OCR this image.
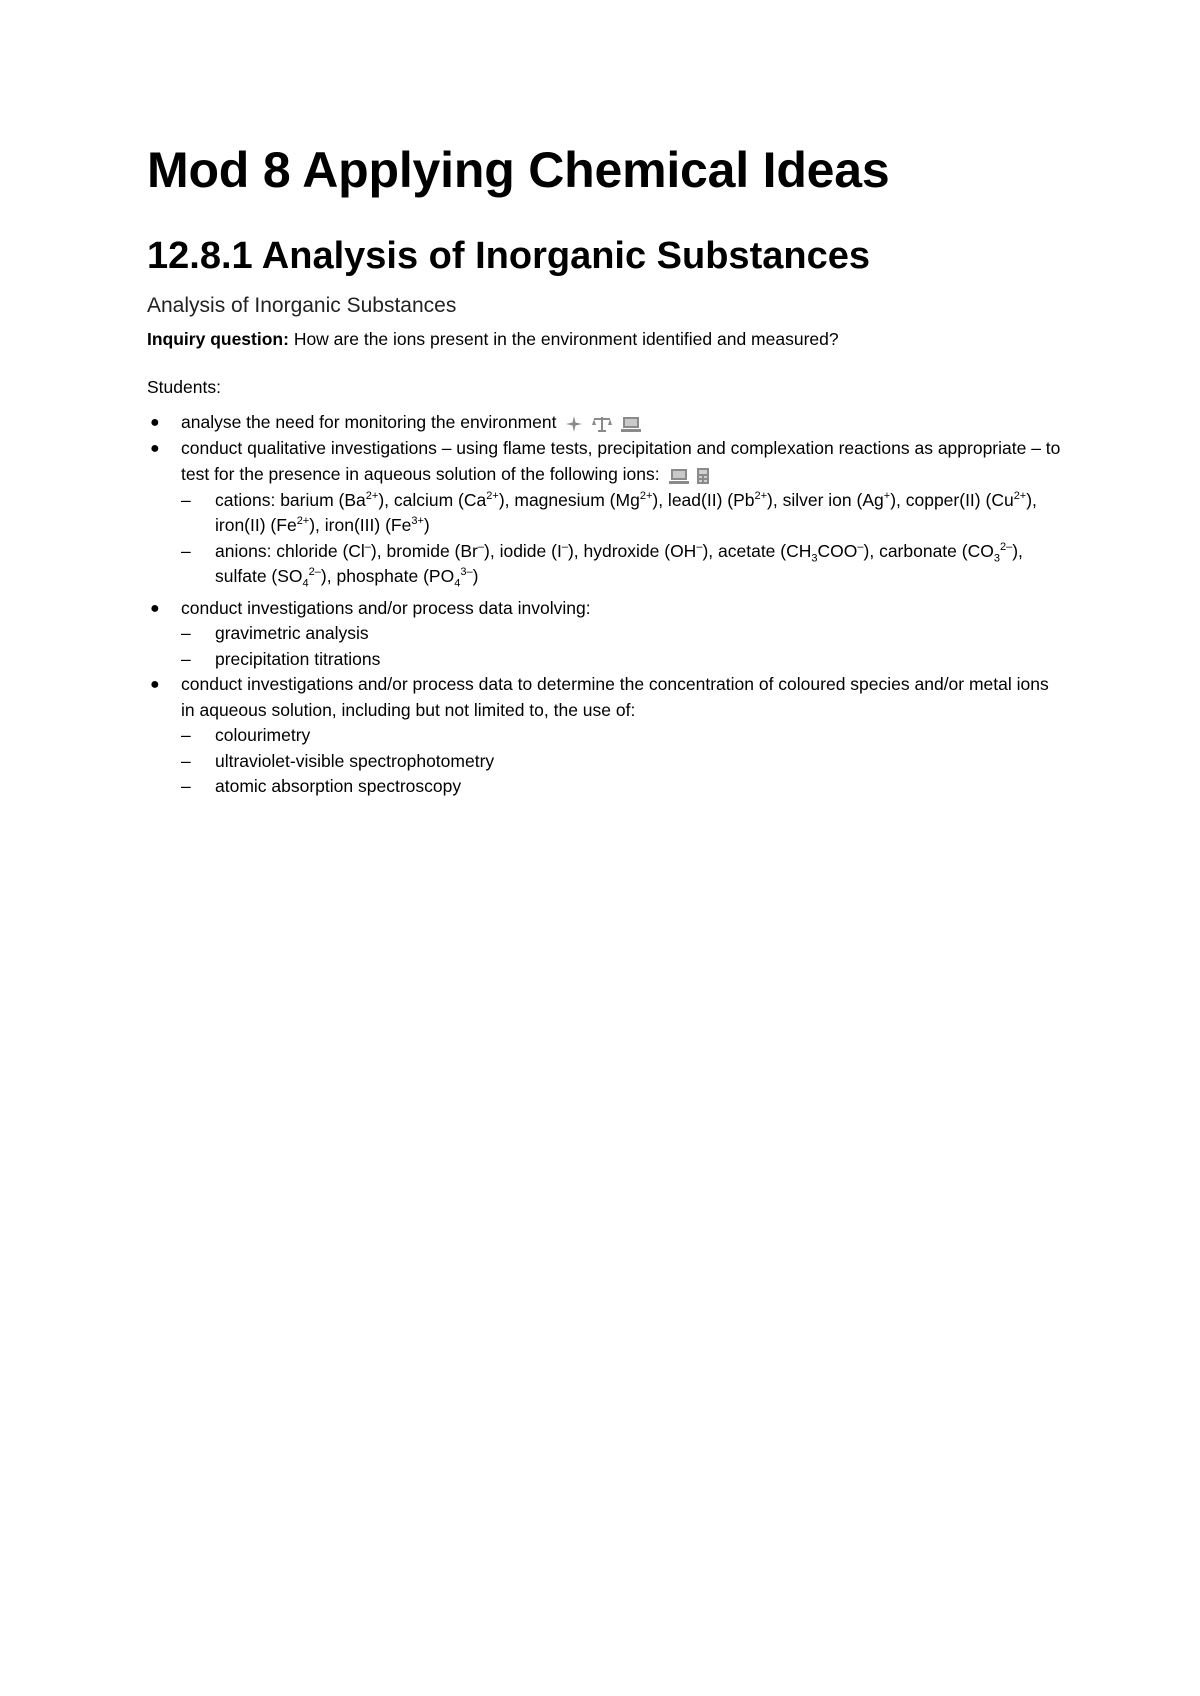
Mod 8 Applying Chemical Ideas
12.8.1 Analysis of Inorganic Substances
Analysis of Inorganic Substances

Inquiry question: How are the ions present in the environment identified and measured?

Students:

● analyse the need for monitoring the environment
● conduct qualitative investigations – using flame tests, precipitation and complexation reactions as appropriate – to test for the presence in aqueous solution of the following ions:
– cations: barium $(Ba^{2+})$, calcium $(Ca^{2+})$, magnesium $(Mg^{2+})$, lead(II) $(Pb^{2+})$, silver ion (Ag+), copper(II) $(Cu^{2+})$, iron(II) $(Fe^{2+})$, iron(III) $(Fe^{3+})$
– anions: chloride (Cl–), bromide (Br–), iodide (I–), hydroxide (OH–), acetate $(CH_3COO^-)$, carbonate $(CO_3^{2-})$, sulfate $(SO_4^{2-})$, phosphate $(PO_4^{3-})$
● conduct investigations and/or process data involving:
– gravimetric analysis
– precipitation titrations
● conduct investigations and/or process data to determine the concentration of coloured species and/or metal ions in aqueous solution, including but not limited to, the use of:
– colourimetry
– ultraviolet-visible spectrophotometry
– atomic absorption spectroscopy
